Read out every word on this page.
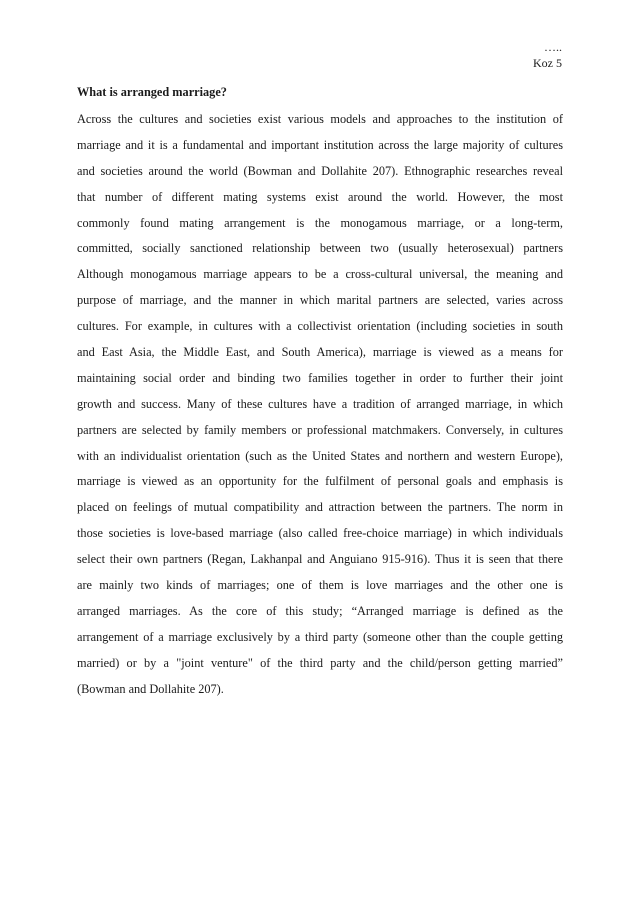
…..
Koz 5
What is arranged marriage?
Across the cultures and societies exist various models and approaches to the institution of
marriage and it is a fundamental and important institution across the large majority of cultures
and societies around the world (Bowman and Dollahite 207). Ethnographic researches reveal
that number of different mating systems exist around the world. However, the most
commonly found mating arrangement is the monogamous marriage, or a long-term,
committed, socially sanctioned relationship between two (usually heterosexual) partners
Although monogamous marriage appears to be a cross-cultural universal, the meaning and
purpose of marriage, and the manner in which marital partners are selected, varies across
cultures. For example, in cultures with a collectivist orientation (including societies in south
and East Asia, the Middle East, and South America), marriage is viewed as a means for
maintaining social order and binding two families together in order to further their joint
growth and success. Many of these cultures have a tradition of arranged marriage, in which
partners are selected by family members or professional matchmakers. Conversely, in cultures
with an individualist orientation (such as the United States and northern and western Europe),
marriage is viewed as an opportunity for the fulfilment of personal goals and emphasis is
placed on feelings of mutual compatibility and attraction between the partners. The norm in
those societies is love-based marriage (also called free-choice marriage) in which individuals
select their own partners (Regan, Lakhanpal and Anguiano 915-916). Thus it is seen that there
are mainly two kinds of marriages; one of them is love marriages and the other one is
arranged marriages. As the core of this study; “Arranged marriage is defined as the
arrangement of a marriage exclusively by a third party (someone other than the couple getting
married) or by a "joint venture" of the third party and the child/person getting married”
(Bowman and Dollahite 207).
